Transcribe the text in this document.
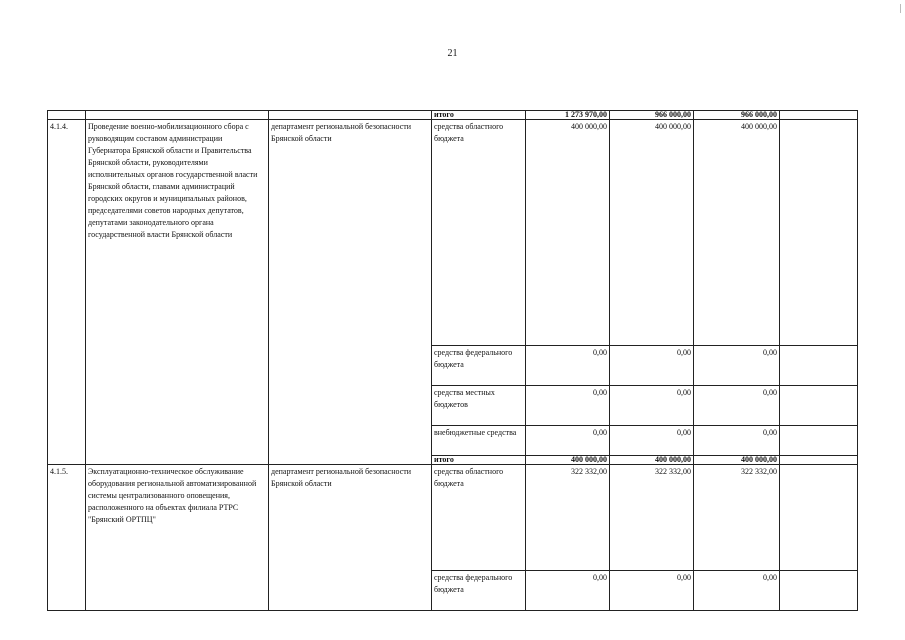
21
			итого	1 273 970,00	966 000,00	966 000,00	
4.1.4.	Проведение военно-мобилизационного сбора с руководящим составом администрации Губернатора Брянской области и Правительства Брянской области, руководителями исполнительных органов государственной власти Брянской области, главами администраций городских округов и муниципальных районов, председателями советов народных депутатов, депутатами законодательного органа государственной власти Брянской области	департамент региональной безопасности Брянской области	средства областного бюджета	400 000,00	400 000,00	400 000,00	
			средства федерального бюджета	0,00	0,00	0,00	
			средства местных бюджетов	0,00	0,00	0,00	
			внебюджетные средства	0,00	0,00	0,00	
			итого	400 000,00	400 000,00	400 000,00	
4.1.5.	Эксплуатационно-техническое обслуживание оборудования региональной автоматизированной системы централизованного оповещения, расположенного на объектах филиала РТРС "Брянский ОРТПЦ"	департамент региональной безопасности Брянской области	средства областного бюджета	322 332,00	322 332,00	322 332,00	
			средства федерального бюджета	0,00	0,00	0,00	
